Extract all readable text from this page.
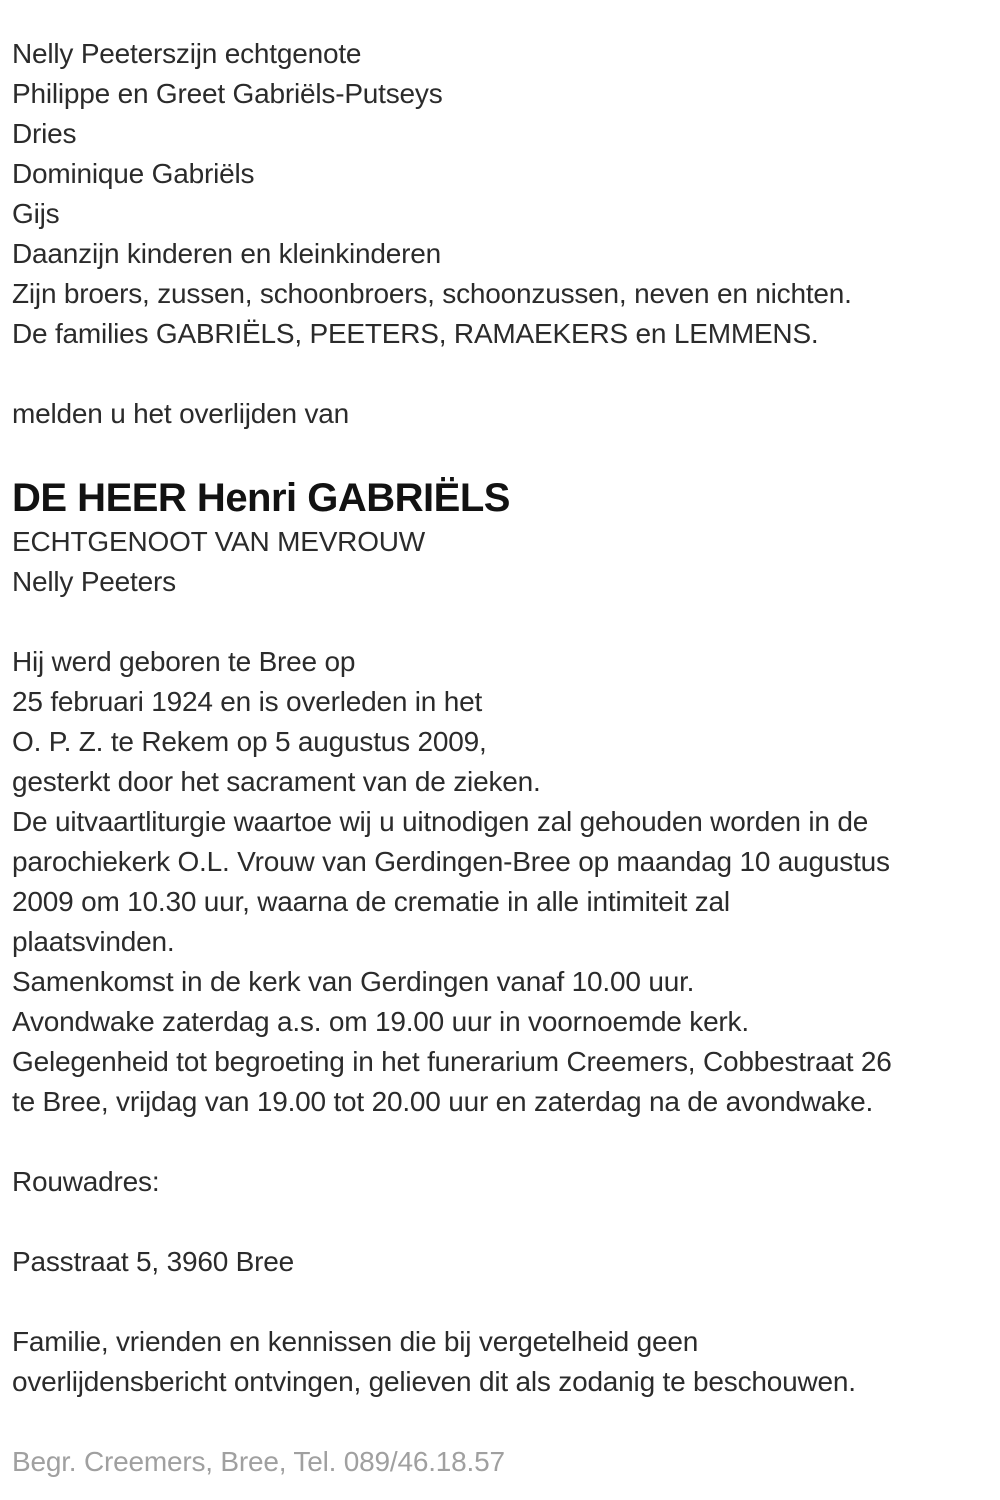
Nelly Peeterszijn echtgenote
Philippe en Greet Gabriëls-Putseys
Dries
Dominique Gabriëls
Gijs
Daanzijn kinderen en kleinkinderen
Zijn broers, zussen, schoonbroers, schoonzussen, neven en nichten.
De families GABRIËLS, PEETERS, RAMAEKERS en LEMMENS.
melden u het overlijden van
DE HEER Henri GABRIËLS
ECHTGENOOT VAN MEVROUW
Nelly Peeters
Hij werd geboren te Bree op
25 februari 1924 en is overleden in het
O. P. Z. te Rekem op 5 augustus 2009,
gesterkt door het sacrament van de zieken.
De uitvaartliturgie waartoe wij u uitnodigen zal gehouden worden in de
parochiekerk O.L. Vrouw van Gerdingen-Bree op maandag 10 augustus
2009 om 10.30 uur, waarna de crematie in alle intimiteit zal
plaatsvinden.
Samenkomst in de kerk van Gerdingen vanaf 10.00 uur.
Avondwake zaterdag a.s. om 19.00 uur in voornoemde kerk.
Gelegenheid tot begroeting in het funerarium Creemers, Cobbestraat 26
te Bree, vrijdag van 19.00 tot 20.00 uur en zaterdag na de avondwake.
Rouwadres:
Passtraat 5, 3960 Bree
Familie, vrienden en kennissen die bij vergetelheid geen
overlijdensbericht ontvingen, gelieven dit als zodanig te beschouwen.
Begr. Creemers, Bree, Tel. 089/46.18.57
